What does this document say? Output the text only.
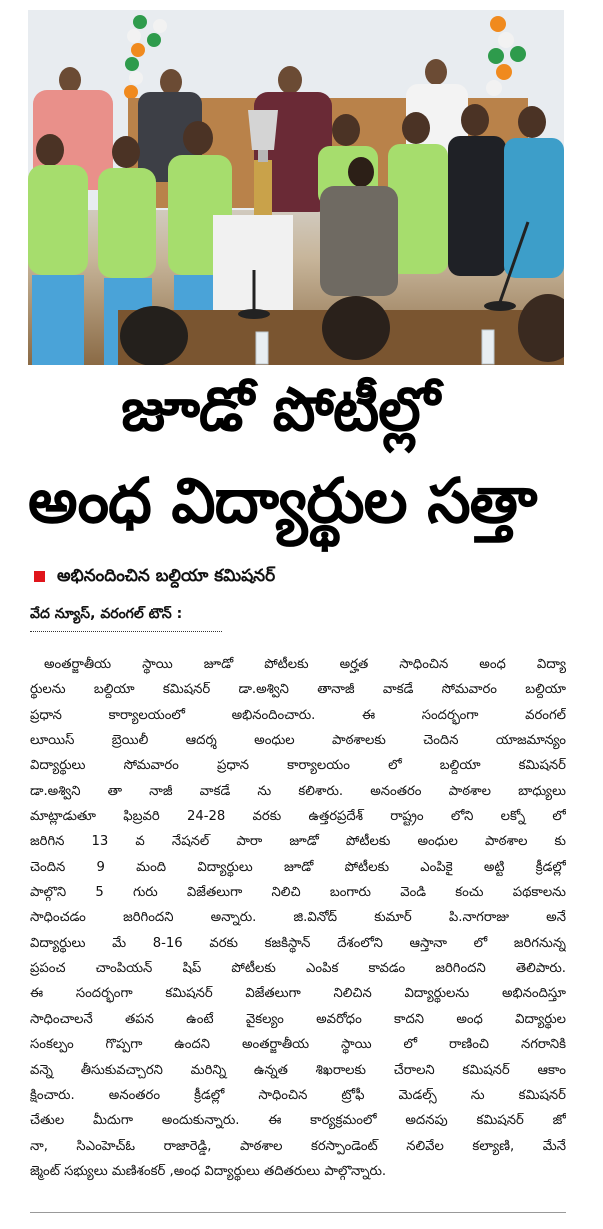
జూడో పోటీల్లో
అంధ విద్యార్థుల సత్తా
అభినందించిన బల్దియా కమిషనర్
వేద న్యూస్, వరంగల్ టౌన్ :
అంతర్జాతీయ స్థాయి జూడో పోటీలకు అర్హత సాధించిన అంధ విద్యా
ర్థులను బల్దియా కమిషనర్ డా.అశ్విని తానాజీ వాకడే సోమవారం బల్దియా
ప్రధాన కార్యాలయంలో అభినందించారు. ఈ సందర్భంగా వరంగల్
లూయిస్ బ్రెయిలీ ఆదర్శ అంధుల పాఠశాలకు చెందిన యాజమాన్యం
విద్యార్థులు సోమవారం ప్రధాన కార్యాలయం లో బల్దియా కమిషనర్
డా.అశ్విని తా నాజీ వాకడే ను కలిశారు. అనంతరం పాఠశాల బాధ్యులు
మాట్లాడుతూ ఫిబ్రవరి 24-28 వరకు ఉత్తరప్రదేశ్ రాష్ట్రం లోని లక్నో లో
జరిగిన 13 వ నేషనల్ పారా జూడో పోటీలకు అంధుల పాఠశాల కు
చెందిన 9 మంది విద్యార్థులు జూడో పోటీలకు ఎంపికై అట్టి క్రీడల్లో
పాల్గొని 5 గురు విజేతలుగా నిలిచి బంగారు వెండి కంచు పథకాలను
సాధించడం జరిగిందని అన్నారు. జి.వినోద్ కుమార్ పి.నాగరాజు అనే
విద్యార్థులు మే 8-16 వరకు కజకిస్థాన్ దేశంలోని ఆస్తానా లో జరిగనున్న
ప్రపంచ చాంపియన్ షిప్ పోటీలకు ఎంపిక కావడం జరిగిందని తెలిపారు.
ఈ సందర్భంగా కమిషనర్ విజేతలుగా నిలిచిన విద్యార్థులను అభినందిస్తూ
సాధించాలనే తపన ఉంటే వైకల్యం అవరోధం కాదని అంధ విద్యార్థుల
సంకల్పం గొప్పగా ఉందని అంతర్జాతీయ స్థాయి లో రాణించి నగరానికి
వన్నె తీసుకువచ్చారని మరిన్ని ఉన్నత శిఖరాలకు చేరాలని కమిషనర్ ఆకాం
క్షించారు. అనంతరం క్రీడల్లో సాధించిన ట్రోఫీ మెడల్స్ ను కమిషనర్
చేతుల మీదుగా అందుకున్నారు. ఈ కార్యక్రమంలో అదనపు కమిషనర్ జో
నా, సిఎంహెచ్ఓ రాజారెడ్డి, పాఠశాల కరస్పాండెంట్ నలివేల కల్యాణి, మేనే
జ్మెంట్ సభ్యులు మణిశంకర్ ,అంధ విద్యార్థులు తదితరులు పాల్గొన్నారు.
